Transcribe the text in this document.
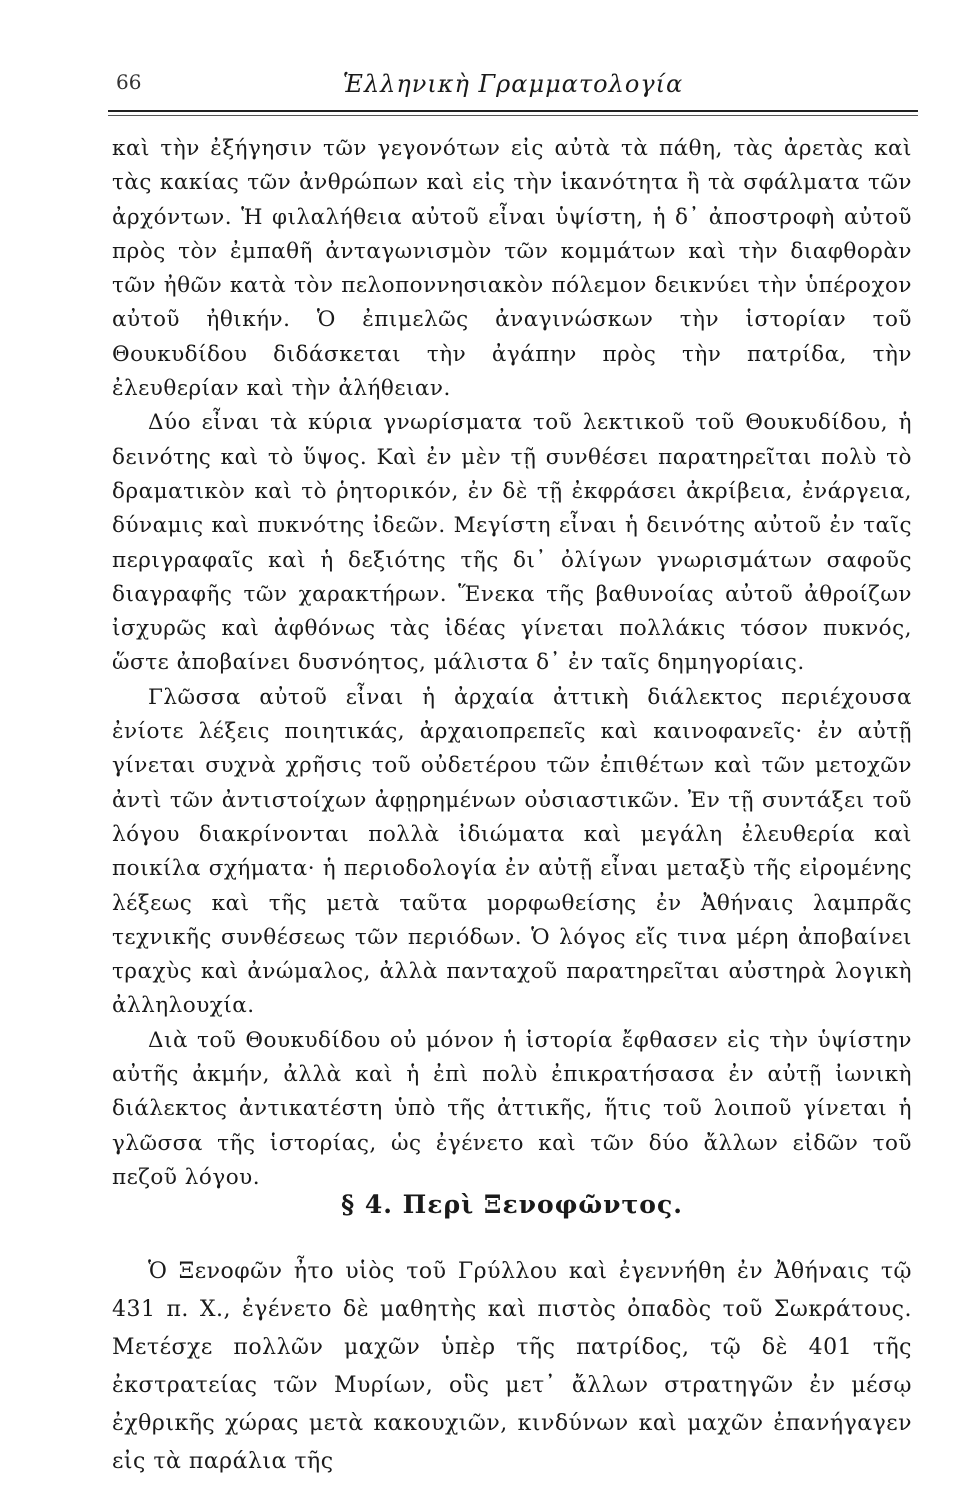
66	Ἑλληνικὴ Γραμματολογία

καὶ τὴν ἐξήγησιν τῶν γεγονότων εἰς αὐτὰ τὰ πάθη, τὰς ἀρετὰς καὶ τὰς κακίας τῶν ἀνθρώπων καὶ εἰς τὴν ἱκανότητα ἢ τὰ σφάλματα τῶν ἀρχόντων. Ἡ φιλαλήθεια αὐτοῦ εἶναι ὑψίστη, ἡ δ᾽ ἀποστροφὴ αὐτοῦ πρὸς τὸν ἐμπαθῆ ἀνταγωνισμὸν τῶν κομμάτων καὶ τὴν διαφθορὰν τῶν ἠθῶν κατὰ τὸν πελοποννησιακὸν πόλεμον δεικνύει τὴν ὑπέροχον αὐτοῦ ἠθικήν. Ὁ ἐπιμελῶς ἀναγινώσκων τὴν ἱστορίαν τοῦ Θουκυδίδου διδάσκεται τὴν ἀγάπην πρὸς τὴν πατρίδα, τὴν ἐλευθερίαν καὶ τὴν ἀλήθειαν.

Δύο εἶναι τὰ κύρια γνωρίσματα τοῦ λεκτικοῦ τοῦ Θουκυδίδου, ἡ δεινότης καὶ τὸ ὕψος. Καὶ ἐν μὲν τῇ συνθέσει παρατηρεῖται πολὺ τὸ δραματικὸν καὶ τὸ ῥητορικόν, ἐν δὲ τῇ ἐκφράσει ἀκρίβεια, ἐνάργεια, δύναμις καὶ πυκνότης ἰδεῶν. Μεγίστη εἶναι ἡ δεινότης αὐτοῦ ἐν ταῖς περιγραφαῖς καὶ ἡ δεξιότης τῆς δι᾽ ὀλίγων γνωρισμάτων σαφοῦς διαγραφῆς τῶν χαρακτήρων. Ἕνεκα τῆς βαθυνοίας αὐτοῦ ἀθροίζων ἰσχυρῶς καὶ ἀφθόνως τὰς ἰδέας γίνεται πολλάκις τόσον πυκνός, ὥστε ἀποβαίνει δυσνόητος, μάλιστα δ᾽ ἐν ταῖς δημηγορίαις.

Γλῶσσα αὐτοῦ εἶναι ἡ ἀρχαία ἀττικὴ διάλεκτος περιέχουσα ἐνίοτε λέξεις ποιητικάς, ἀρχαιοπρεπεῖς καὶ καινοφανεῖς· ἐν αὐτῇ γίνεται συχνὰ χρῆσις τοῦ οὐδετέρου τῶν ἐπιθέτων καὶ τῶν μετοχῶν ἀντὶ τῶν ἀντιστοίχων ἀφῃρημένων οὐσιαστικῶν. Ἐν τῇ συντάξει τοῦ λόγου διακρίνονται πολλὰ ἰδιώματα καὶ μεγάλη ἐλευθερία καὶ ποικίλα σχήματα· ἡ περιοδολογία ἐν αὐτῇ εἶναι μεταξὺ τῆς εἰρομένης λέξεως καὶ τῆς μετὰ ταῦτα μορφωθείσης ἐν Ἀθήναις λαμπρᾶς τεχνικῆς συνθέσεως τῶν περιόδων. Ὁ λόγος εἴς τινα μέρη ἀποβαίνει τραχὺς καὶ ἀνώμαλος, ἀλλὰ πανταχοῦ παρατηρεῖται αὐστηρὰ λογικὴ ἀλληλουχία.

Διὰ τοῦ Θουκυδίδου οὐ μόνον ἡ ἱστορία ἔφθασεν εἰς τὴν ὑψίστην αὐτῆς ἀκμήν, ἀλλὰ καὶ ἡ ἐπὶ πολὺ ἐπικρατήσασα ἐν αὐτῇ ἰωνικὴ διάλεκτος ἀντικατέστη ὑπὸ τῆς ἀττικῆς, ἥτις τοῦ λοιποῦ γίνεται ἡ γλῶσσα τῆς ἱστορίας, ὡς ἐγένετο καὶ τῶν δύο ἄλλων εἰδῶν τοῦ πεζοῦ λόγου.

§ 4. Περὶ Ξενοφῶντος.

Ὁ Ξενοφῶν ἦτο υἱὸς τοῦ Γρύλλου καὶ ἐγεννήθη ἐν Ἀθήναις τῷ 431 π. Χ., ἐγένετο δὲ μαθητὴς καὶ πιστὸς ὀπαδὸς τοῦ Σωκράτους. Μετέσχε πολλῶν μαχῶν ὑπὲρ τῆς πατρίδος, τῷ δὲ 401 τῆς ἐκστρατείας τῶν Μυρίων, οὓς μετ᾽ ἄλλων στρατηγῶν ἐν μέσῳ ἐχθρικῆς χώρας μετὰ κακουχιῶν, κινδύνων καὶ μαχῶν ἐπανήγαγεν εἰς τὰ παράλια τῆς
